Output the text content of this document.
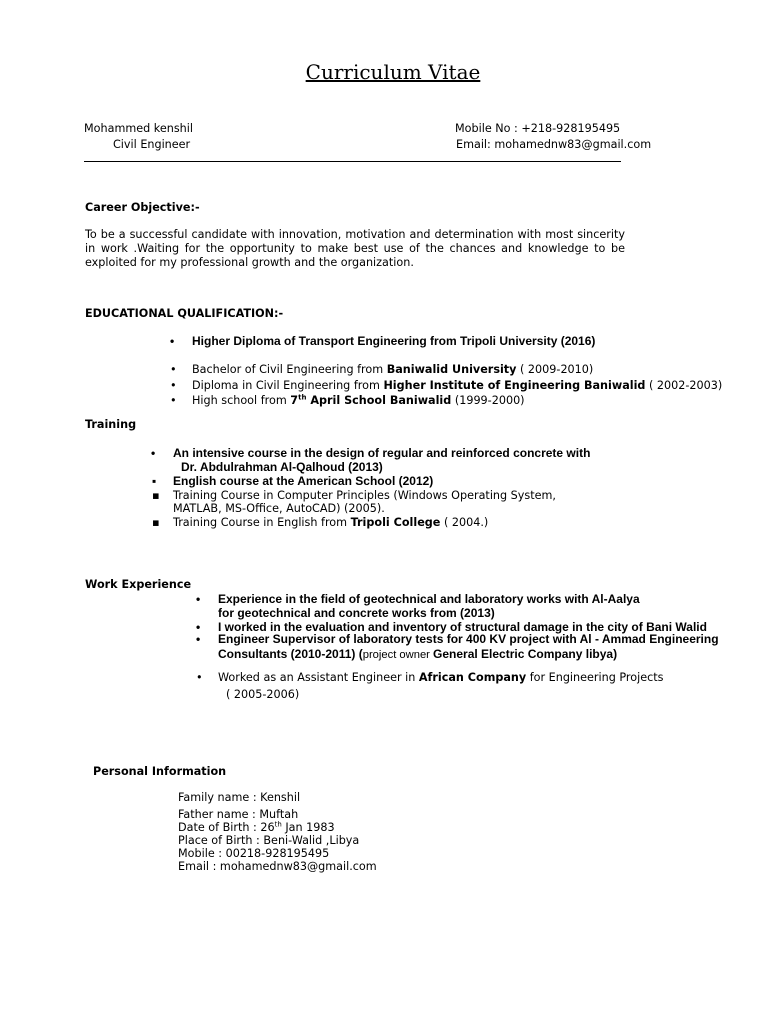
Curriculum Vitae
Mohammed kenshil
Civil Engineer
Mobile No : +218-928195495
Email: mohamednw83@gmail.com
Career Objective:-
To be a successful candidate with innovation, motivation and determination with most sincerity in work .Waiting for the opportunity to make best use of the chances and knowledge to be exploited for my professional growth and the organization.
EDUCATIONAL QUALIFICATION:-
• Higher Diploma of Transport Engineering from Tripoli University (2016)
• Bachelor of Civil Engineering from Baniwalid University ( 2009-2010)
• Diploma in Civil Engineering from Higher Institute of Engineering Baniwalid ( 2002-2003)
• High school from 7th April School Baniwalid (1999-2000)
Training
• An intensive course in the design of regular and reinforced concrete with
Dr. Abdulrahman Al-Qalhoud (2013)
▪ English course at the American School (2012)
▪ Training Course in Computer Principles (Windows Operating System,
MATLAB, MS-Office, AutoCAD) (2005).
▪ Training Course in English from Tripoli College ( 2004.)
Work Experience
• Experience in the field of geotechnical and laboratory works with Al-Aalya
for geotechnical and concrete works from (2013)
• I worked in the evaluation and inventory of structural damage in the city of Bani Walid
• Engineer Supervisor of laboratory tests for 400 KV project with Al - Ammad Engineering
Consultants (2010-2011) (project owner General Electric Company libya)
• Worked as an Assistant Engineer in African Company for Engineering Projects
( 2005-2006)
Personal Information
Family name : Kenshil
Father name : Muftah
Date of Birth : 26th Jan 1983
Place of Birth : Beni-Walid ,Libya
Mobile : 00218-928195495
Email : mohamednw83@gmail.com
